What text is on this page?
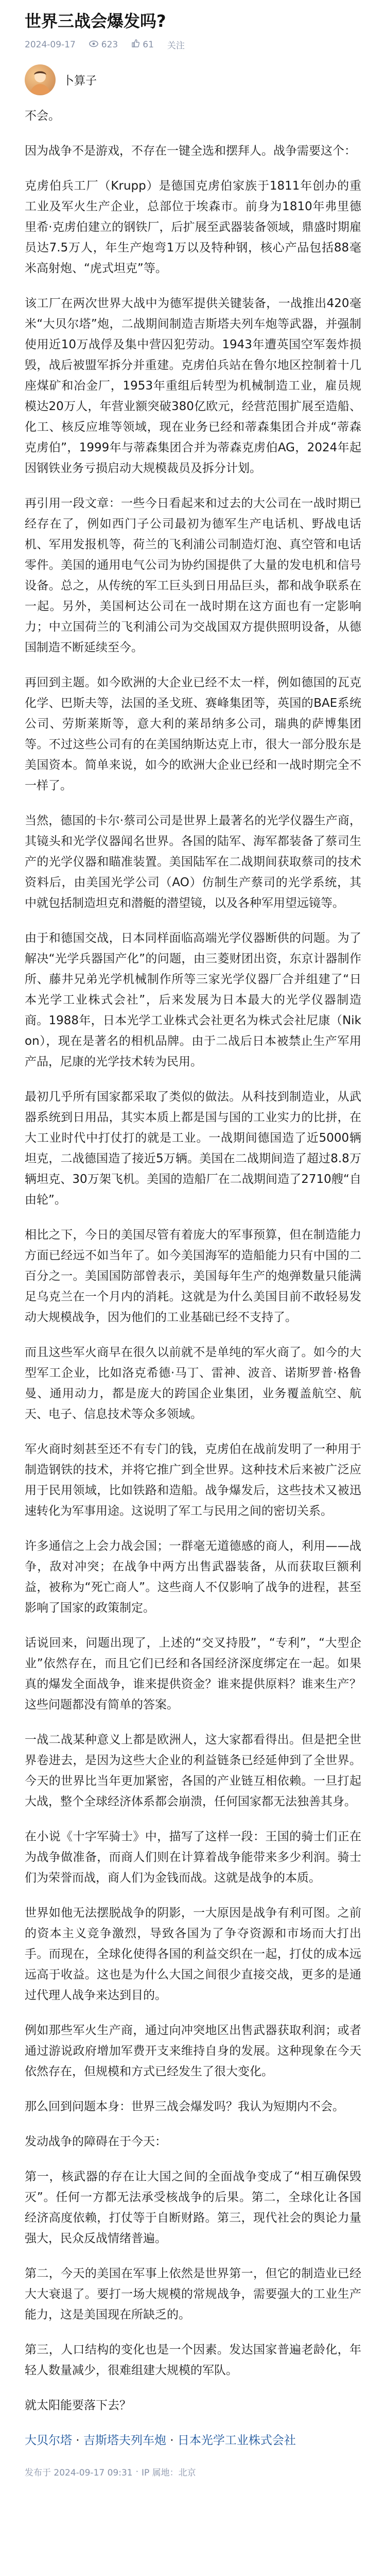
世界三战会爆发吗?
2024-09-17	623	61 关注
卜算子

不会。

因为战争不是游戏，不存在一键全选和摆拜人。战争需要这个：

克虏伯兵工厂（Krupp）是德国克虏伯家族于1811年创办的重工业及军火生产企业，总部位于埃森市。前身为1810年弗里德里希·克虏伯建立的钢铁厂，后扩展至武器装备领域，鼎盛时期雇员达7.5万人，年生产炮弯1万以及特种钢，核心产品包括88毫米高射炮、“虎式坦克”等。

该工厂在两次世界大战中为德军提供关键装备，一战推出420毫米“大贝尔塔”炮，二战期间制造吉斯塔夫列车炮等武器，并强制使用近10万战俘及集中营囚犯劳动。1943年遭英国空军轰炸损毁，战后被盟军拆分并重建。克虏伯兵站在鲁尔地区控制着十几座煤矿和冶金厂，1953年重组后转型为机械制造工业，雇员规模达20万人，年营业额突破380亿欧元，经营范围扩展至造船、化工、核反应堆等领域，现在业务已经和蒂森集团合并成“蒂森克虏伯”，1999年与蒂森集团合并为蒂森克虏伯AG，2024年起因钢铁业务亏损启动大规模裁员及拆分计划。

再引用一段文章：一些今日看起来和过去的大公司在一战时期已经存在了，例如西门子公司最初为德军生产电话机、野战电话机、军用发报机等，荷兰的飞利浦公司制造灯泡、真空管和电话零件。美国的通用电气公司为协约国提供了大量的发电机和信号设备。总之，从传统的军工巨头到日用品巨头，都和战争联系在一起。另外，美国柯达公司在一战时期在这方面也有一定影响力；中立国荷兰的飞利浦公司为交战国双方提供照明设备，从德国制造不断延续至今。

再回到主题。如今欧洲的大企业已经不太一样，例如德国的瓦克化学、巴斯夫等，法国的圣戈班、赛峰集团等，英国的BAE系统公司、劳斯莱斯等，意大利的莱昂纳多公司，瑞典的萨博集团等。不过这些公司有的在美国纳斯达克上市，很大一部分股东是美国资本。简单来说，如今的欧洲大企业已经和一战时期完全不一样了。

当然，德国的卡尔·蔡司公司是世界上最著名的光学仪器生产商，其镜头和光学仪器闻名世界。各国的陆军、海军都装备了蔡司生产的光学仪器和瞄准装置。美国陆军在二战期间获取蔡司的技术资料后，由美国光学公司（AO）仿制生产蔡司的光学系统，其中就包括制造坦克和潜艇的潜望镜，以及各种军用望远镜等。

由于和德国交战，日本同样面临高端光学仪器断供的问题。为了解决“光学兵器国产化”的问题，由三菱财团出资，东京计器制作所、藤井兄弟光学机械制作所等三家光学仪器厂合并组建了“日本光学工业株式会社”，后来发展为日本最大的光学仪器制造商。1988年，日本光学工业株式会社更名为株式会社尼康（Nikon），现在是著名的相机品牌。由于二战后日本被禁止生产军用产品，尼康的光学技术转为民用。

最初几乎所有国家都采取了类似的做法。从科技到制造业，从武器系统到日用品，其实本质上都是国与国的工业实力的比拼，在大工业时代中打仗打的就是工业。一战期间德国造了近5000辆坦克，二战德国造了接近5万辆。美国在二战期间造了超过8.8万辆坦克、30万架飞机。美国的造船厂在二战期间造了2710艘“自由轮”。

相比之下，今日的美国尽管有着庞大的军事预算，但在制造能力方面已经远不如当年了。如今美国海军的造船能力只有中国的二百分之一。美国国防部曾表示，美国每年生产的炮弹数量只能满足乌克兰在一个月内的消耗。这就是为什么美国目前不敢轻易发动大规模战争，因为他们的工业基础已经不支持了。

而且这些军火商早在很久以前就不是单纯的军火商了。如今的大型军工企业，比如洛克希德·马丁、雷神、波音、诺斯罗普·格鲁曼、通用动力，都是庞大的跨国企业集团，业务覆盖航空、航天、电子、信息技术等众多领域。

军火商时刻甚至还不有专门的钱，克虏伯在战前发明了一种用于制造钢铁的技术，并将它推广到全世界。这种技术后来被广泛应用于民用领域，比如铁路和造船。战争爆发后，这些技术又被迅速转化为军事用途。这说明了军工与民用之间的密切关系。

许多通信之上会力战会国；一群毫无道德感的商人，利用——战争，敌对冲突；在战争中两方出售武器装备，从而获取巨额利益，被称为“死亡商人”。这些商人不仅影响了战争的进程，甚至影响了国家的政策制定。

话说回来，问题出现了，上述的“交叉持股”，“专利”，“大型企业”依然存在，而且它们已经和各国经济深度绑定在一起。如果真的爆发全面战争，谁来提供资金？谁来提供原料？谁来生产？这些问题都没有简单的答案。

一战二战某种意义上都是欧洲人，这大家都看得出。但是把全世界卷进去，是因为这些大企业的利益链条已经延伸到了全世界。今天的世界比当年更加紧密，各国的产业链互相依赖。一旦打起大战，整个全球经济体系都会崩溃，任何国家都无法独善其身。

在小说《十字军骑士》中，描写了这样一段：王国的骑士们正在为战争做准备，而商人们则在计算着战争能带来多少利润。骑士们为荣誉而战，商人们为金钱而战。这就是战争的本质。

世界如他无法摆脱战争的阴影，一大原因是战争有利可图。之前的资本主义竞争激烈，导致各国为了争夺资源和市场而大打出手。而现在，全球化使得各国的利益交织在一起，打仗的成本远远高于收益。这也是为什么大国之间很少直接交战，更多的是通过代理人战争来达到目的。

例如那些军火生产商，通过向冲突地区出售武器获取利润；或者通过游说政府增加军费开支来维持自身的发展。这种现象在今天依然存在，但规模和方式已经发生了很大变化。

那么回到问题本身：世界三战会爆发吗？我认为短期内不会。

发动战争的障碍在于今天：

第一，核武器的存在让大国之间的全面战争变成了“相互确保毁灭”。任何一方都无法承受核战争的后果。第二，全球化让各国经济高度依赖，打仗等于自断财路。第三，现代社会的舆论力量强大，民众反战情绪普遍。

第二，今天的美国在军事上依然是世界第一，但它的制造业已经大大衰退了。要打一场大规模的常规战争，需要强大的工业生产能力，这是美国现在所缺乏的。

第三，人口结构的变化也是一个因素。发达国家普遍老龄化，年轻人数量减少，很难组建大规模的军队。

就太阳能要落下去？

大贝尔塔 · 吉斯塔夫列车炮 · 日本光学工业株式会社

发布于 2024-09-17 09:31 · IP 属地：北京
